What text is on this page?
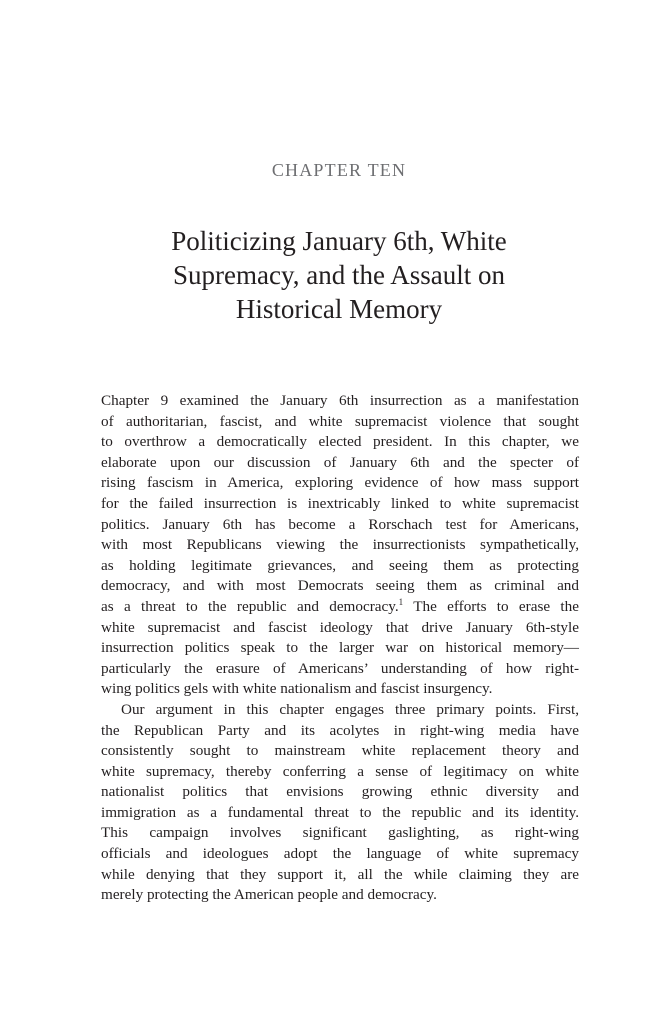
CHAPTER TEN
Politicizing January 6th, White
Supremacy, and the Assault on
Historical Memory
Chapter 9 examined the January 6th insurrection as a manifestation
of authoritarian, fascist, and white supremacist violence that sought
to overthrow a democratically elected president. In this chapter, we
elaborate upon our discussion of January 6th and the specter of
rising fascism in America, exploring evidence of how mass support
for the failed insurrection is inextricably linked to white supremacist
politics. January 6th has become a Rorschach test for Americans,
with most Republicans viewing the insurrectionists sympathetically,
as holding legitimate grievances, and seeing them as protecting
democracy, and with most Democrats seeing them as criminal and
as a threat to the republic and democracy.$^1$ The efforts to erase the
white supremacist and fascist ideology that drive January 6th-style
insurrection politics speak to the larger war on historical memory—
particularly the erasure of Americans’ understanding of how right-
wing politics gels with white nationalism and fascist insurgency.
Our argument in this chapter engages three primary points. First,
the Republican Party and its acolytes in right-wing media have
consistently sought to mainstream white replacement theory and
white supremacy, thereby conferring a sense of legitimacy on white
nationalist politics that envisions growing ethnic diversity and
immigration as a fundamental threat to the republic and its identity.
This campaign involves significant gaslighting, as right-wing
officials and ideologues adopt the language of white supremacy
while denying that they support it, all the while claiming they are
merely protecting the American people and democracy.
